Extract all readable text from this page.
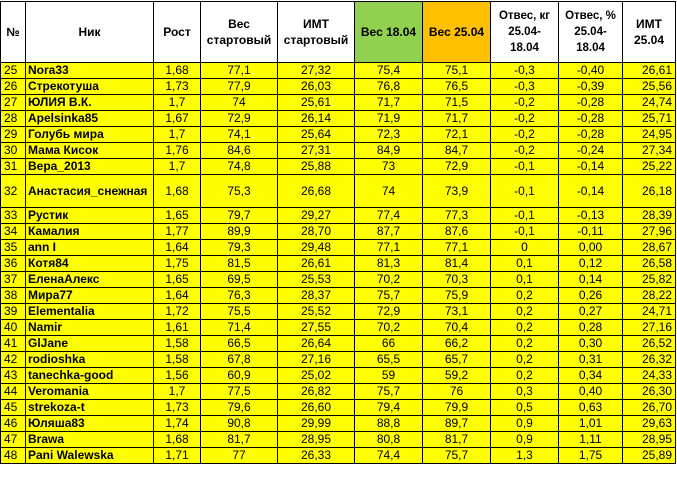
№	Ник	Рост	Вес стартовый	ИМТ стартовый	Вес 18.04	Вес 25.04	Отвес, кг 25.04-18.04	Отвес, % 25.04-18.04	ИМТ 25.04
25	Nora33	1,68	77,1	27,32	75,4	75,1	-0,3	-0,40	26,61
26	Стрекотуша	1,73	77,9	26,03	76,8	76,5	-0,3	-0,39	25,56
27	ЮЛИЯ В.К.	1,7	74	25,61	71,7	71,5	-0,2	-0,28	24,74
28	Apelsinka85	1,67	72,9	26,14	71,9	71,7	-0,2	-0,28	25,71
29	Голубь мира	1,7	74,1	25,64	72,3	72,1	-0,2	-0,28	24,95
30	Мама Кисок	1,76	84,6	27,31	84,9	84,7	-0,2	-0,24	27,34
31	Вера_2013	1,7	74,8	25,88	73	72,9	-0,1	-0,14	25,22
32	Анастасия_снежная	1,68	75,3	26,68	74	73,9	-0,1	-0,14	26,18
33	Рустик	1,65	79,7	29,27	77,4	77,3	-0,1	-0,13	28,39
34	Камалия	1,77	89,9	28,70	87,7	87,6	-0,1	-0,11	27,96
35	ann I	1,64	79,3	29,48	77,1	77,1	0	0,00	28,67
36	Котя84	1,75	81,5	26,61	81,3	81,4	0,1	0,12	26,58
37	ЕленаАлекс	1,65	69,5	25,53	70,2	70,3	0,1	0,14	25,82
38	Мира77	1,64	76,3	28,37	75,7	75,9	0,2	0,26	28,22
39	Elementalia	1,72	75,5	25,52	72,9	73,1	0,2	0,27	24,71
40	Namir	1,61	71,4	27,55	70,2	70,4	0,2	0,28	27,16
41	GlJane	1,58	66,5	26,64	66	66,2	0,2	0,30	26,52
42	rodioshka	1,58	67,8	27,16	65,5	65,7	0,2	0,31	26,32
43	tanechka-good	1,56	60,9	25,02	59	59,2	0,2	0,34	24,33
44	Veromania	1,7	77,5	26,82	75,7	76	0,3	0,40	26,30
45	strekoza-t	1,73	79,6	26,60	79,4	79,9	0,5	0,63	26,70
46	Юляша83	1,74	90,8	29,99	88,8	89,7	0,9	1,01	29,63
47	Brawa	1,68	81,7	28,95	80,8	81,7	0,9	1,11	28,95
48	Pani Walewska	1,71	77	26,33	74,4	75,7	1,3	1,75	25,89
